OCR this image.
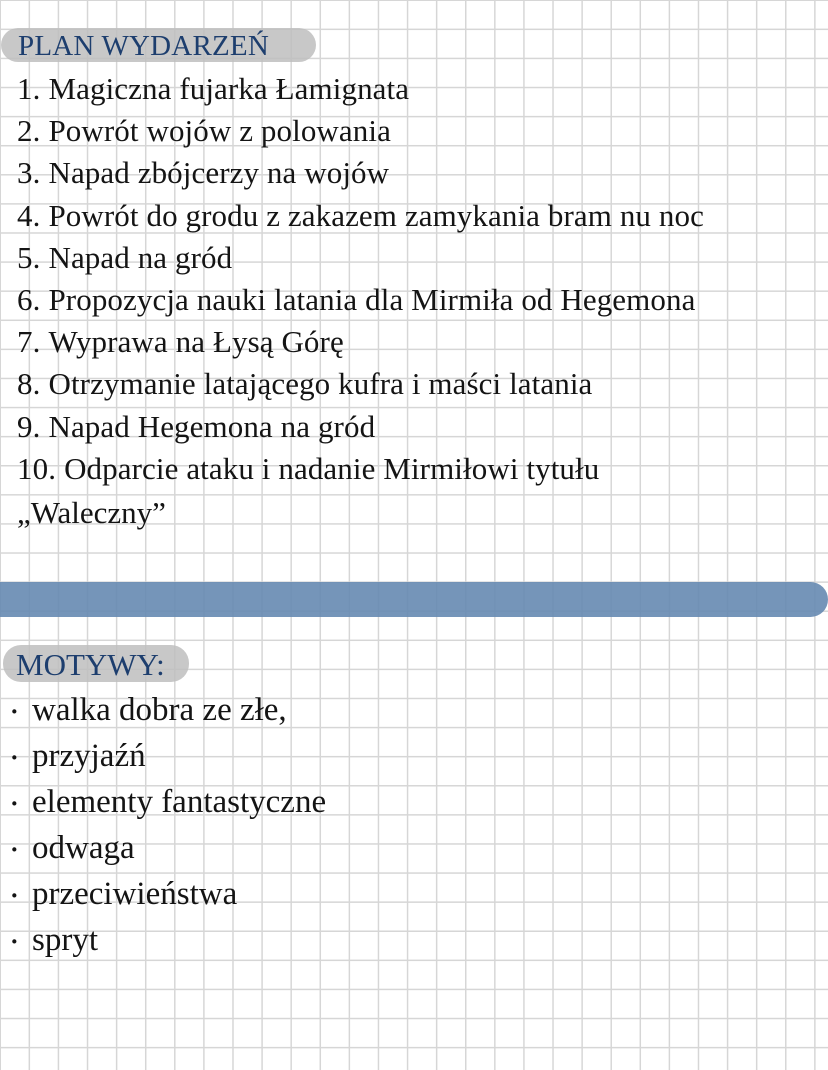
PLAN WYDARZEŃ
1. Magiczna fujarka Łamignata
2. Powrót wojów z polowania
3. Napad zbójcerzy na wojów
4. Powrót do grodu z zakazem zamykania bram nu noc
5. Napad na gród
6. Propozycja nauki latania dla Mirmiła od Hegemona
7. Wyprawa na Łysą Górę
8. Otrzymanie latającego kufra i maści latania
9. Napad Hegemona na gród
10. Odparcie ataku i nadanie Mirmiłowi tytułu
„Waleczny”
MOTYWY:
· walka dobra ze złe,
· przyjaźń
· elementy fantastyczne
· odwaga
· przeciwieństwa
· spryt
